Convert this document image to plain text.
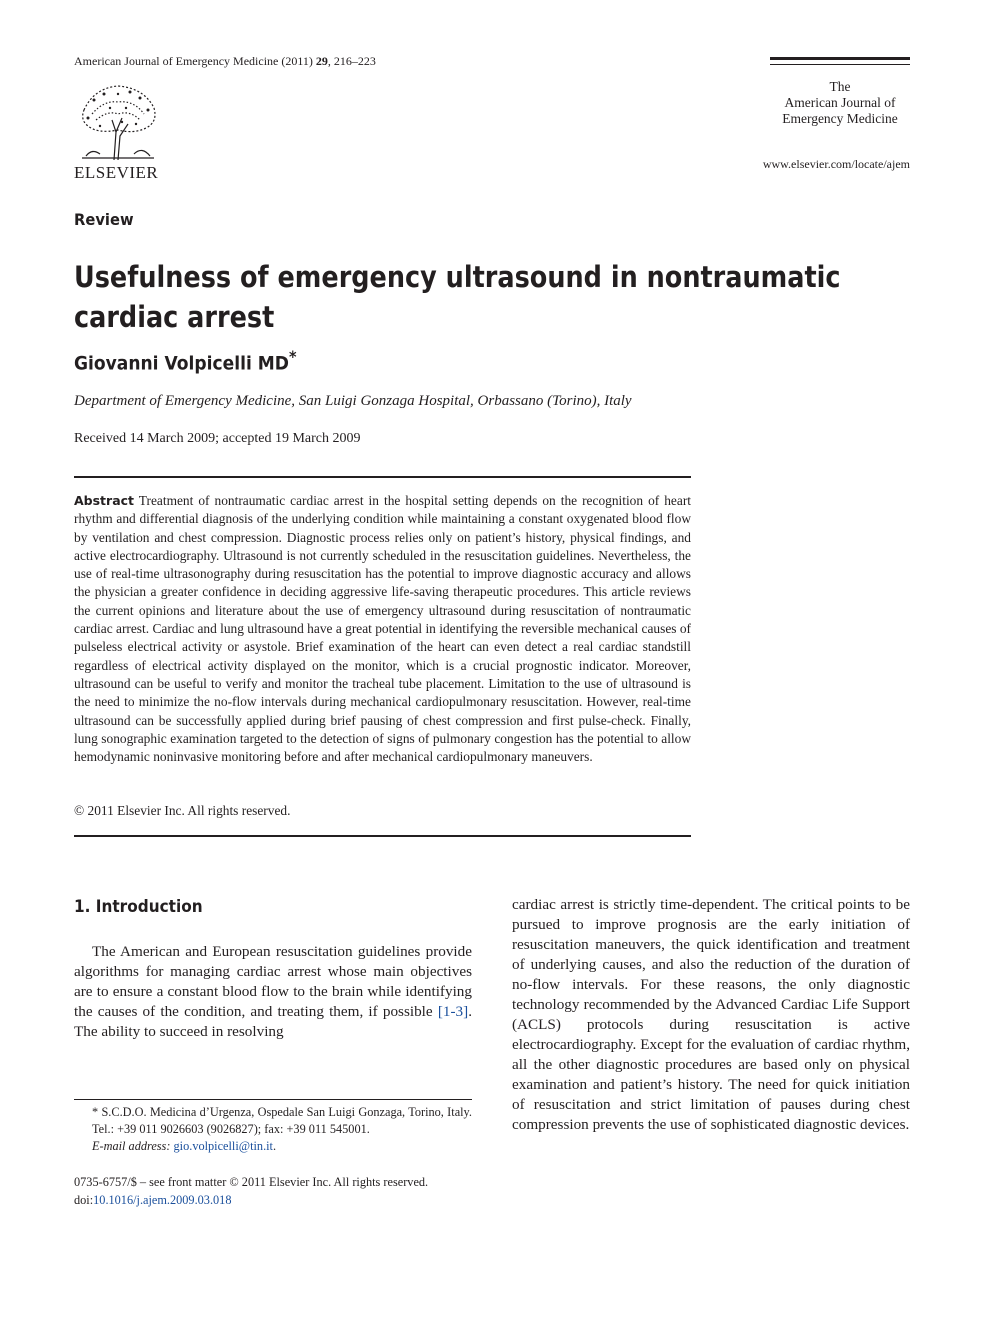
American Journal of Emergency Medicine (2011) 29, 216–223
ELSEVIER
The
American Journal of
Emergency Medicine
www.elsevier.com/locate/ajem
Review
Usefulness of emergency ultrasound in nontraumatic cardiac arrest
Giovanni Volpicelli MD*
Department of Emergency Medicine, San Luigi Gonzaga Hospital, Orbassano (Torino), Italy
Received 14 March 2009; accepted 19 March 2009
Abstract Treatment of nontraumatic cardiac arrest in the hospital setting depends on the recognition of heart rhythm and differential diagnosis of the underlying condition while maintaining a constant oxygenated blood flow by ventilation and chest compression. Diagnostic process relies only on patient’s history, physical findings, and active electrocardiography. Ultrasound is not currently scheduled in the resuscitation guidelines. Nevertheless, the use of real-time ultrasonography during resuscitation has the potential to improve diagnostic accuracy and allows the physician a greater confidence in deciding aggressive life-saving therapeutic procedures. This article reviews the current opinions and literature about the use of emergency ultrasound during resuscitation of nontraumatic cardiac arrest. Cardiac and lung ultrasound have a great potential in identifying the reversible mechanical causes of pulseless electrical activity or asystole. Brief examination of the heart can even detect a real cardiac standstill regardless of electrical activity displayed on the monitor, which is a crucial prognostic indicator. Moreover, ultrasound can be useful to verify and monitor the tracheal tube placement. Limitation to the use of ultrasound is the need to minimize the no-flow intervals during mechanical cardiopulmonary resuscitation. However, real-time ultrasound can be successfully applied during brief pausing of chest compression and first pulse-check. Finally, lung sonographic examination targeted to the detection of signs of pulmonary congestion has the potential to allow hemodynamic noninvasive monitoring before and after mechanical cardiopulmonary maneuvers.
© 2011 Elsevier Inc. All rights reserved.
1. Introduction
The American and European resuscitation guidelines provide algorithms for managing cardiac arrest whose main objectives are to ensure a constant blood flow to the brain while identifying the causes of the condition, and treating them, if possible [1-3]. The ability to succeed in resolving
cardiac arrest is strictly time-dependent. The critical points to be pursued to improve prognosis are the early initiation of resuscitation maneuvers, the quick identification and treatment of underlying causes, and also the reduction of the duration of no-flow intervals. For these reasons, the only diagnostic technology recommended by the Advanced Cardiac Life Support (ACLS) protocols during resuscitation is active electrocardiography. Except for the evaluation of cardiac rhythm, all the other diagnostic procedures are based only on physical examination and patient’s history. The need for quick initiation of resuscitation and strict limitation of pauses during chest compression prevents the use of sophisticated diagnostic devices.
* S.C.D.O. Medicina d’Urgenza, Ospedale San Luigi Gonzaga, Torino, Italy. Tel.: +39 011 9026603 (9026827); fax: +39 011 545001.
E-mail address: gio.volpicelli@tin.it.
0735-6757/$ – see front matter © 2011 Elsevier Inc. All rights reserved.
doi:10.1016/j.ajem.2009.03.018
